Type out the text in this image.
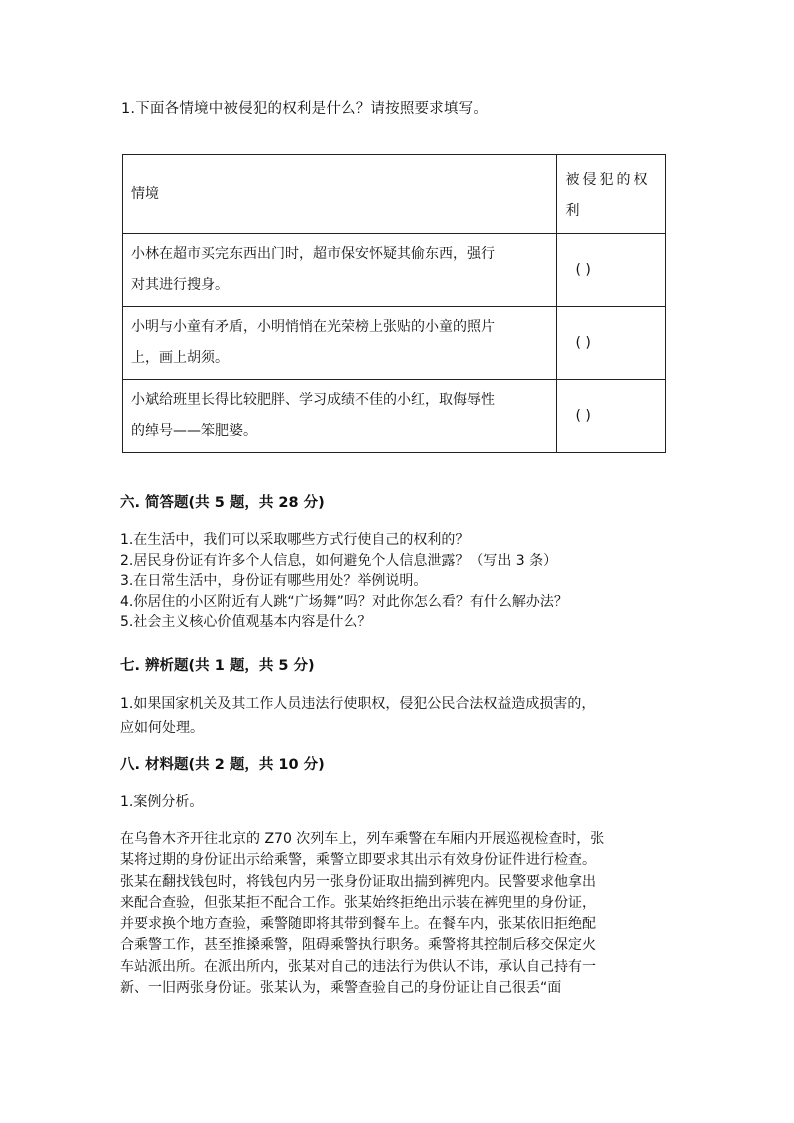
1.下面各情境中被侵犯的权利是什么？请按照要求填写。
情境	被侵犯的权
利

小林在超市买完东西出门时，超市保安怀疑其偷东西，强行
对其进行搜身。	( )

小明与小童有矛盾，小明悄悄在光荣榜上张贴的小童的照片
上，画上胡须。	( )

小斌给班里长得比较肥胖、学习成绩不佳的小红，取侮辱性
的绰号——笨肥婆。	( )
六. 简答题(共 5 题，共 28 分)
1.在生活中，我们可以采取哪些方式行使自己的权利的？
2.居民身份证有许多个人信息，如何避免个人信息泄露？（写出 3 条）
3.在日常生活中，身份证有哪些用处？举例说明。
4.你居住的小区附近有人跳“广场舞”吗？对此你怎么看？有什么解办法？
5.社会主义核心价值观基本内容是什么？
七. 辨析题(共 1 题，共 5 分)
1.如果国家机关及其工作人员违法行使职权，侵犯公民合法权益造成损害的，
应如何处理。
八. 材料题(共 2 题，共 10 分)
1.案例分析。
在乌鲁木齐开往北京的 Z70 次列车上，列车乘警在车厢内开展巡视检查时，张
某将过期的身份证出示给乘警，乘警立即要求其出示有效身份证件进行检查。
张某在翻找钱包时，将钱包内另一张身份证取出揣到裤兜内。民警要求他拿出
来配合查验，但张某拒不配合工作。张某始终拒绝出示装在裤兜里的身份证，
并要求换个地方查验，乘警随即将其带到餐车上。在餐车内，张某依旧拒绝配
合乘警工作，甚至推搡乘警，阻碍乘警执行职务。乘警将其控制后移交保定火
车站派出所。在派出所内，张某对自己的违法行为供认不讳，承认自己持有一
新、一旧两张身份证。张某认为，乘警查验自己的身份证让自己很丢“面
